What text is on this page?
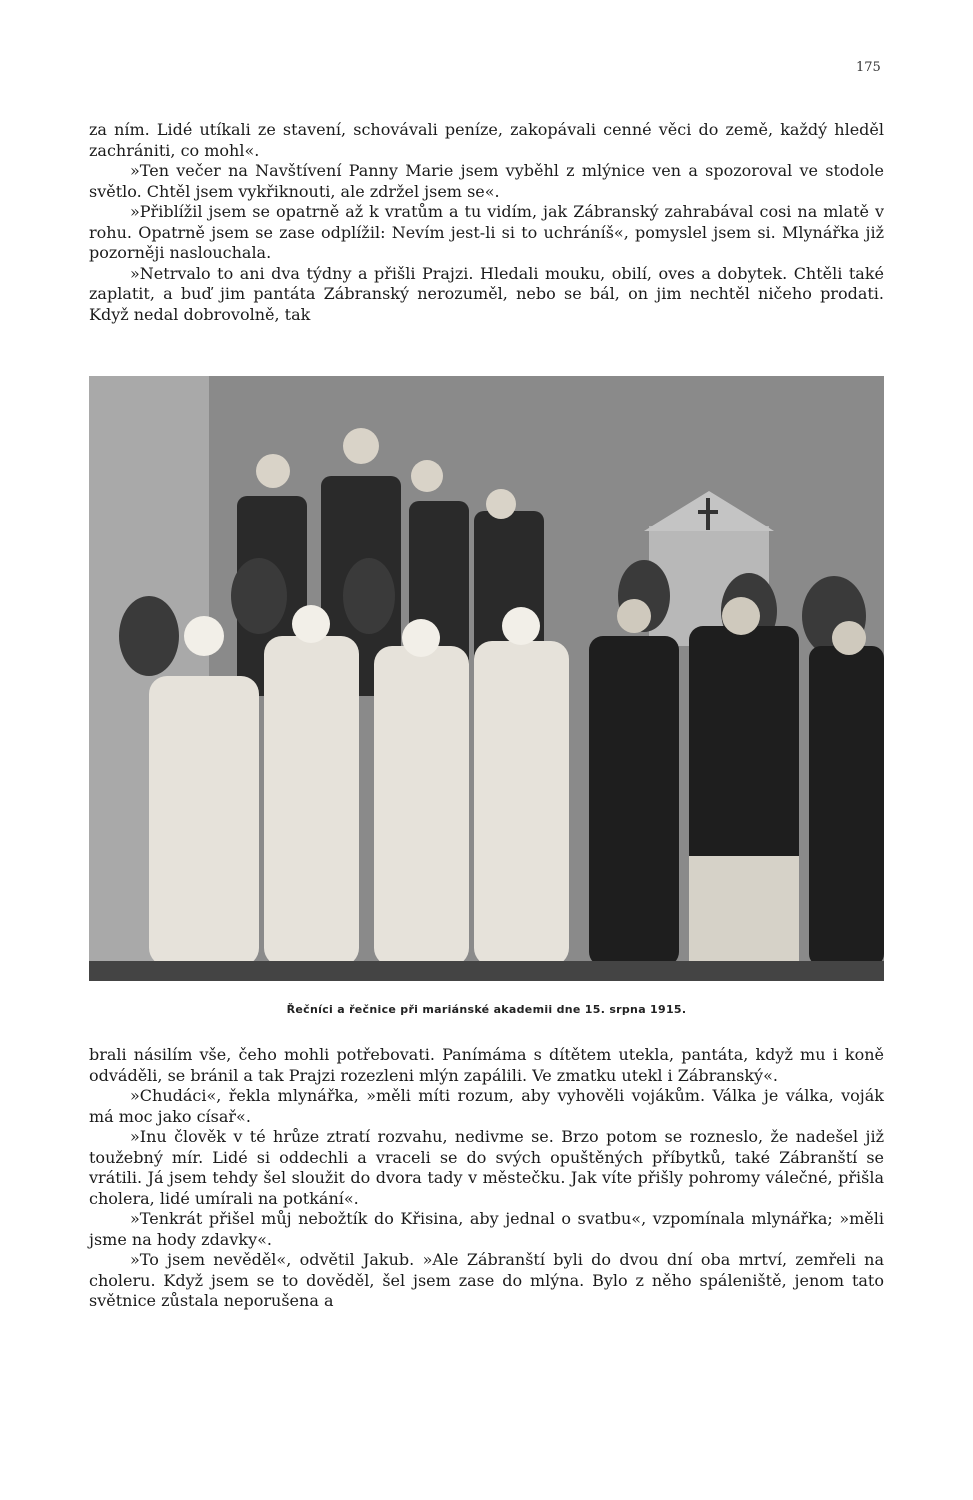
175

za ním. Lidé utíkali ze stavení, schovávali peníze, zakopávali cenné věci do země, každý hleděl zachrániti, co mohl«.

»Ten večer na Navštívení Panny Marie jsem vyběhl z mlýnice ven a spozoroval ve stodole světlo. Chtěl jsem vykřiknouti, ale zdržel jsem se«.

»Přiblížil jsem se opatrně až k vratům a tu vidím, jak Zábranský zahrabával cosi na mlatě v rohu. Opatrně jsem se zase odplížil: Nevím jest-li si to uchráníš«, pomyslel jsem si. Mlynářka již pozorněji naslouchala.

»Netrvalo to ani dva týdny a přišli Prajzi. Hledali mouku, obilí, oves a dobytek. Chtěli také zaplatit, a buď jim pantáta Zábranský nerozuměl, nebo se bál, on jim nechtěl ničeho prodati. Když nedal dobrovolně, tak

Řečníci a řečnice při mariánské akademii dne 15. srpna 1915.

brali násilím vše, čeho mohli potřebovati. Panímáma s dítětem utekla, pantáta, když mu i koně odváděli, se bránil a tak Prajzi rozezleni mlýn zapálili. Ve zmatku utekl i Zábranský«.

»Chudáci«, řekla mlynářka, »měli míti rozum, aby vyhověli vojákům. Válka je válka, voják má moc jako císař«.

»Inu člověk v té hrůze ztratí rozvahu, nedivme se. Brzo potom se rozneslo, že nadešel již toužebný mír. Lidé si oddechli a vraceli se do svých opuštěných příbytků, také Zábranští se vrátili. Já jsem tehdy šel sloužit do dvora tady v městečku. Jak víte přišly pohromy válečné, přišla cholera, lidé umírali na potkání«.

»Tenkrát přišel můj nebožtík do Křisina, aby jednal o svatbu«, vzpomínala mlynářka; »měli jsme na hody zdavky«.

»To jsem nevěděl«, odvětil Jakub. »Ale Zábranští byli do dvou dní oba mrtví, zemřeli na choleru. Když jsem se to dověděl, šel jsem zase do mlýna. Bylo z něho spáleniště, jenom tato světnice zůstala neporušena a
